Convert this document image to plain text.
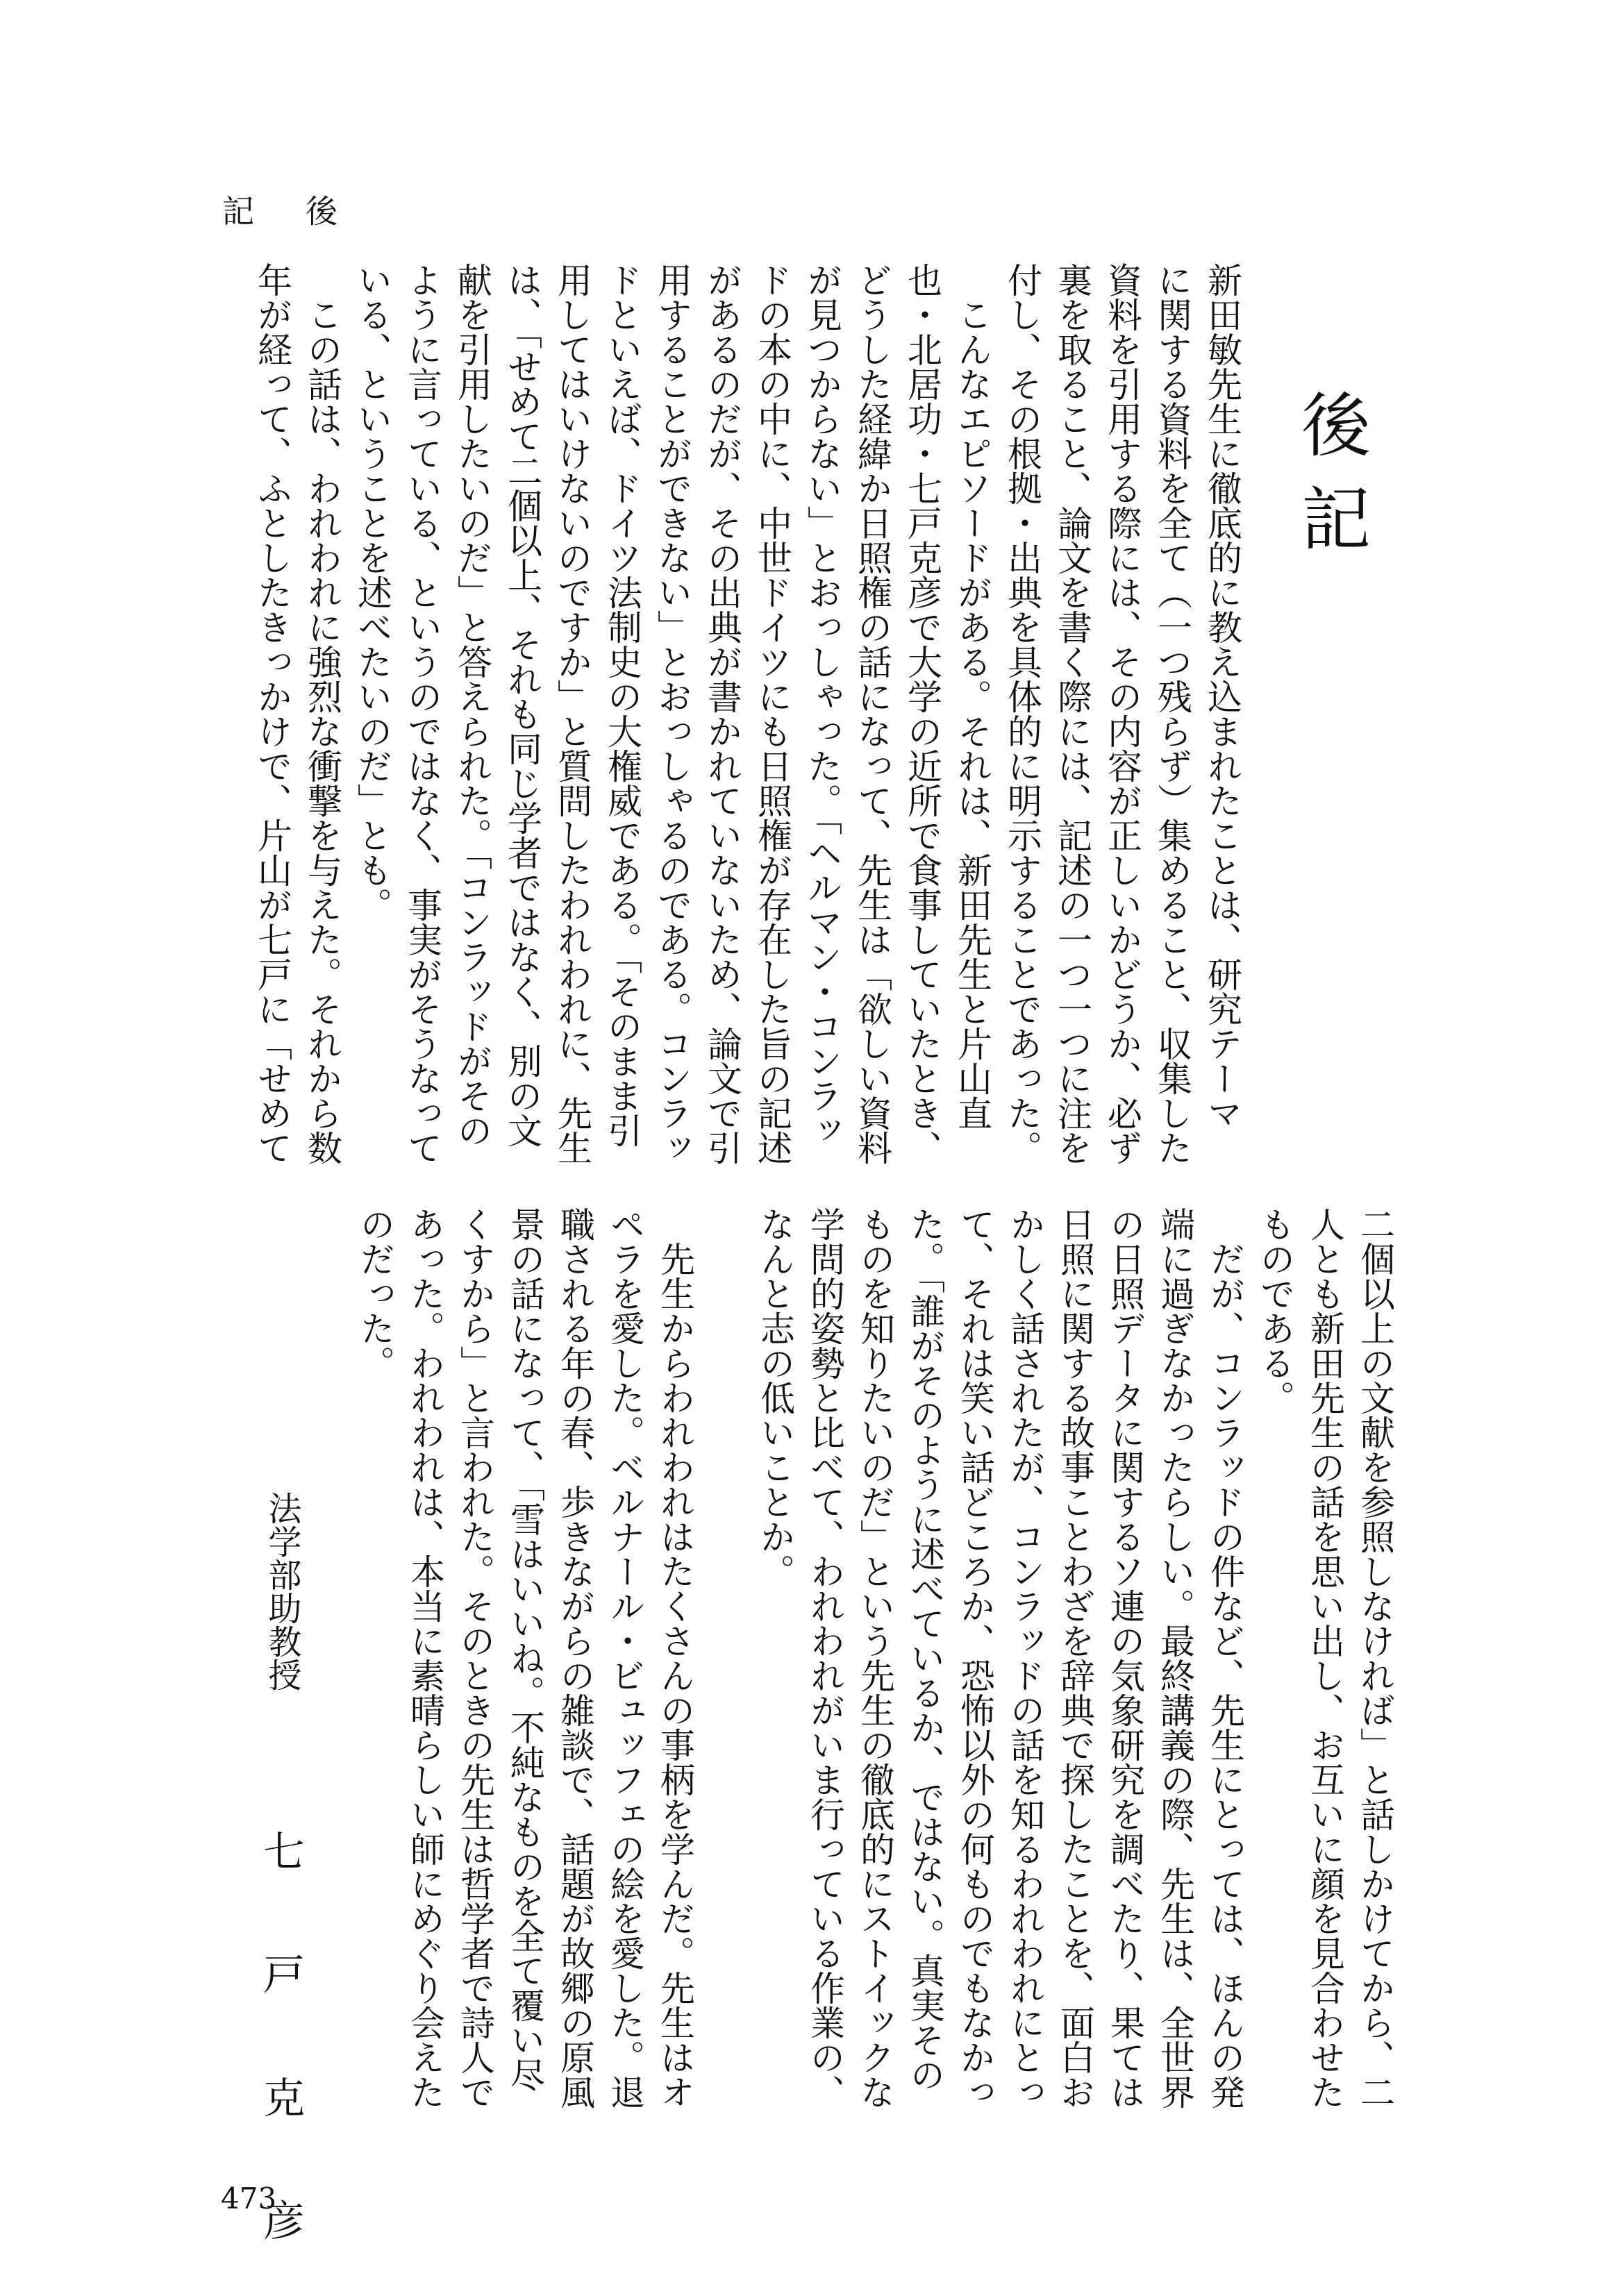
後
記
後
記
新田敏先生に徹底的に教え込まれたことは、研究テーマ
に関する資料を全て（一つ残らず）集めること、収集した
資料を引用する際には、その内容が正しいかどうか、必ず
裏を取ること、論文を書く際には、記述の一つ一つに注を
付し、その根拠・出典を具体的に明示することであった。
　こんなエピソードがある。それは、新田先生と片山直
也・北居功・七戸克彦で大学の近所で食事していたとき、
どうした経緯か日照権の話になって、先生は「欲しい資料
が見つからない」とおっしゃった。「ヘルマン・コンラッ
ドの本の中に、中世ドイツにも日照権が存在した旨の記述
があるのだが、その出典が書かれていないため、論文で引
用することができない」とおっしゃるのである。コンラッ
ドといえば、ドイツ法制史の大権威である。「そのまま引
用してはいけないのですか」と質問したわれわれに、先生
は、「せめて二個以上、それも同じ学者ではなく、別の文
献を引用したいのだ」と答えられた。「コンラッドがその
ように言っている、というのではなく、事実がそうなって
いる、ということを述べたいのだ」とも。
　この話は、われわれに強烈な衝撃を与えた。それから数
年が経って、ふとしたきっかけで、片山が七戸に「せめて
二個以上の文献を参照しなければ」と話しかけてから、二
人とも新田先生の話を思い出し、お互いに顔を見合わせた
ものである。
　だが、コンラッドの件など、先生にとっては、ほんの発
端に過ぎなかったらしい。最終講義の際、先生は、全世界
の日照データに関するソ連の気象研究を調べたり、果ては
日照に関する故事ことわざを辞典で探したことを、面白お
かしく話されたが、コンラッドの話を知るわれわれにとっ
て、それは笑い話どころか、恐怖以外の何ものでもなかっ
た。「誰がそのように述べているか、ではない。真実その
ものを知りたいのだ」という先生の徹底的にストイックな
学問的姿勢と比べて、われわれがいま行っている作業の、
なんと志の低いことか。
　先生からわれわれはたくさんの事柄を学んだ。先生はオ
ペラを愛した。ベルナール・ビュッフェの絵を愛した。退
職される年の春、歩きながらの雑談で、話題が故郷の原風
景の話になって、「雪はいいね。不純なものを全て覆い尽
くすから」と言われた。そのときの先生は哲学者で詩人で
あった。われわれは、本当に素晴らしい師にめぐり会えた
のだった。
法学部助教授
七
戸
克
彦
473
